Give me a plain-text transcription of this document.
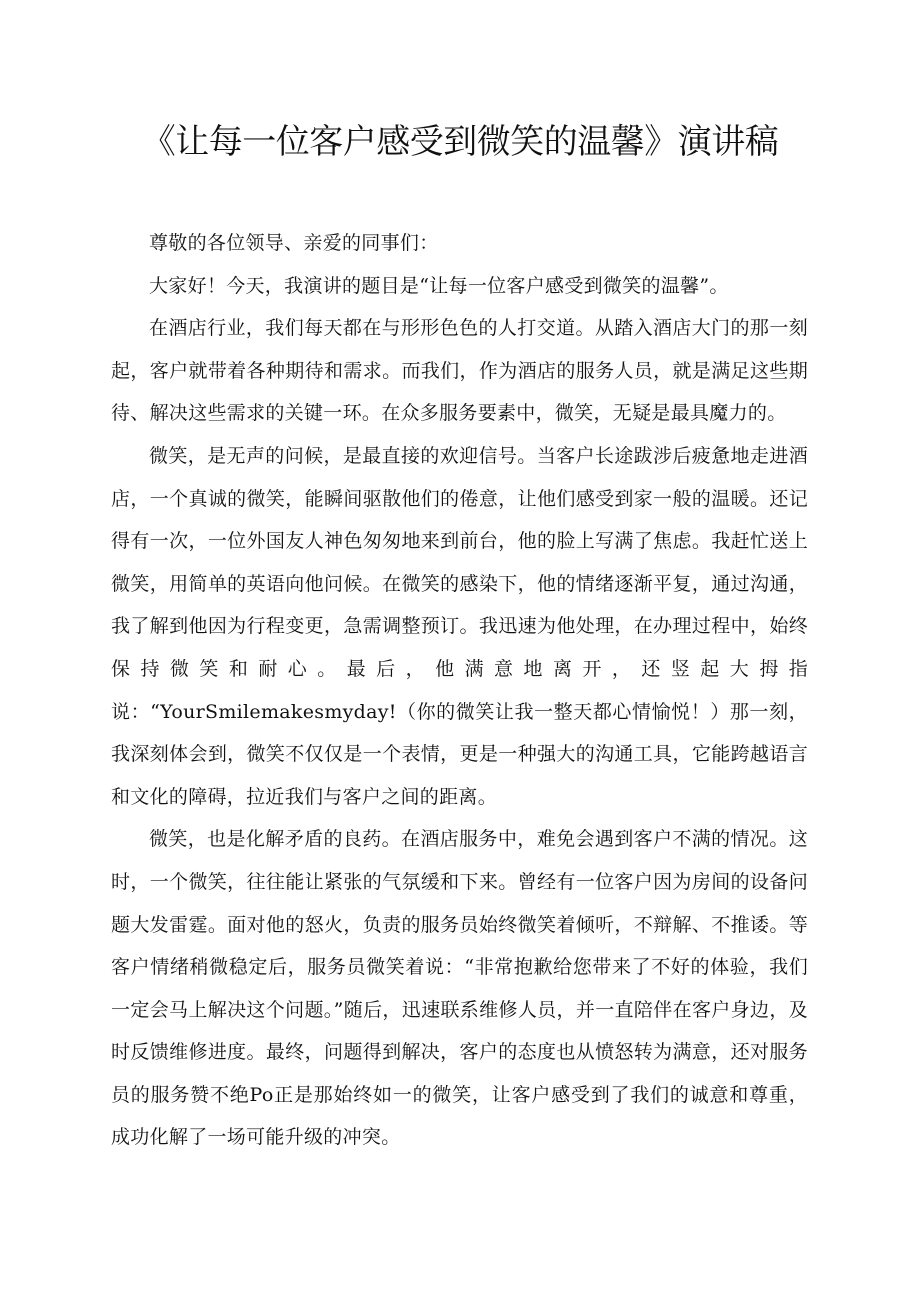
《让每一位客户感受到微笑的温馨》演讲稿

尊敬的各位领导、亲爱的同事们：

大家好！今天，我演讲的题目是“让每一位客户感受到微笑的温馨”。

在酒店行业，我们每天都在与形形色色的人打交道。从踏入酒店大门的那一刻起，客户就带着各种期待和需求。而我们，作为酒店的服务人员，就是满足这些期待、解决这些需求的关键一环。在众多服务要素中，微笑，无疑是最具魔力的。

微笑，是无声的问候，是最直接的欢迎信号。当客户长途跋涉后疲惫地走进酒店，一个真诚的微笑，能瞬间驱散他们的倦意，让他们感受到家一般的温暖。还记得有一次，一位外国友人神色匆匆地来到前台，他的脸上写满了焦虑。我赶忙送上微笑，用简单的英语向他问候。在微笑的感染下，他的情绪逐渐平复，通过沟通，我了解到他因为行程变更，急需调整预订。我迅速为他处理，在办理过程中，始终保持微笑和耐心。最后，他满意地离开，还竖起大拇指说：“YourSmilemakesmyday!（你的微笑让我一整天都心情愉悦！）那一刻，我深刻体会到，微笑不仅仅是一个表情，更是一种强大的沟通工具，它能跨越语言和文化的障碍，拉近我们与客户之间的距离。

微笑，也是化解矛盾的良药。在酒店服务中，难免会遇到客户不满的情况。这时，一个微笑，往往能让紧张的气氛缓和下来。曾经有一位客户因为房间的设备问题大发雷霆。面对他的怒火，负责的服务员始终微笑着倾听，不辩解、不推诿。等客户情绪稍微稳定后，服务员微笑着说：“非常抱歉给您带来了不好的体验，我们一定会马上解决这个问题。”随后，迅速联系维修人员，并一直陪伴在客户身边，及时反馈维修进度。最终，问题得到解决，客户的态度也从愤怒转为满意，还对服务员的服务赞不绝Po正是那始终如一的微笑，让客户感受到了我们的诚意和尊重，成功化解了一场可能升级的冲突。
